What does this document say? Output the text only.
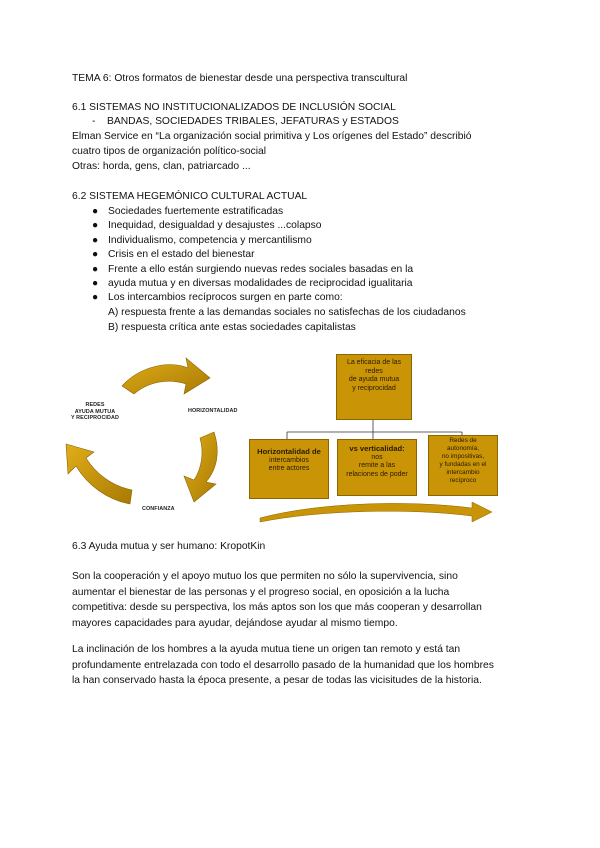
TEMA 6: Otros formatos de bienestar desde una perspectiva transcultural
6.1 SISTEMAS NO INSTITUCIONALIZADOS DE INCLUSIÓN SOCIAL
- BANDAS, SOCIEDADES TRIBALES, JEFATURAS y ESTADOS
Elman Service en “La organización social primitiva y Los orígenes del Estado” describió
cuatro tipos de organización político-social
Otras: horda, gens, clan, patriarcado ...
6.2 SISTEMA HEGEMÓNICO CULTURAL ACTUAL
● Sociedades fuertemente estratificadas
● Inequidad, desigualdad y desajustes ...colapso
● Individualismo, competencia y mercantilismo
● Crisis en el estado del bienestar
● Frente a ello están surgiendo nuevas redes sociales basadas en la
● ayuda mutua y en diversas modalidades de reciprocidad igualitaria
● Los intercambios recíprocos surgen en parte como:
A) respuesta frente a las demandas sociales no satisfechas de los ciudadanos
B) respuesta crítica ante estas sociedades capitalistas
REDES
AYUDA MUTUA
Y RECIPROCIDAD
HORIZONTALIDAD
CONFIANZA
La eficacia de las
redes
de ayuda mutua
y reciprocidad
Horizontalidad de
intercambios
entre actores
vs verticalidad:
nos
remite a las
relaciones de poder
Redes de
autonomía,
no impositivas,
y fundadas en el
intercambio
recíproco
6.3 Ayuda mutua y ser humano: KropotKin
Son la cooperación y el apoyo mutuo los que permiten no sólo la supervivencia, sino
aumentar el bienestar de las personas y el progreso social, en oposición a la lucha
competitiva: desde su perspectiva, los más aptos son los que más cooperan y desarrollan
mayores capacidades para ayudar, dejándose ayudar al mismo tiempo.
La inclinación de los hombres a la ayuda mutua tiene un origen tan remoto y está tan
profundamente entrelazada con todo el desarrollo pasado de la humanidad que los hombres
la han conservado hasta la época presente, a pesar de todas las vicisitudes de la historia.
